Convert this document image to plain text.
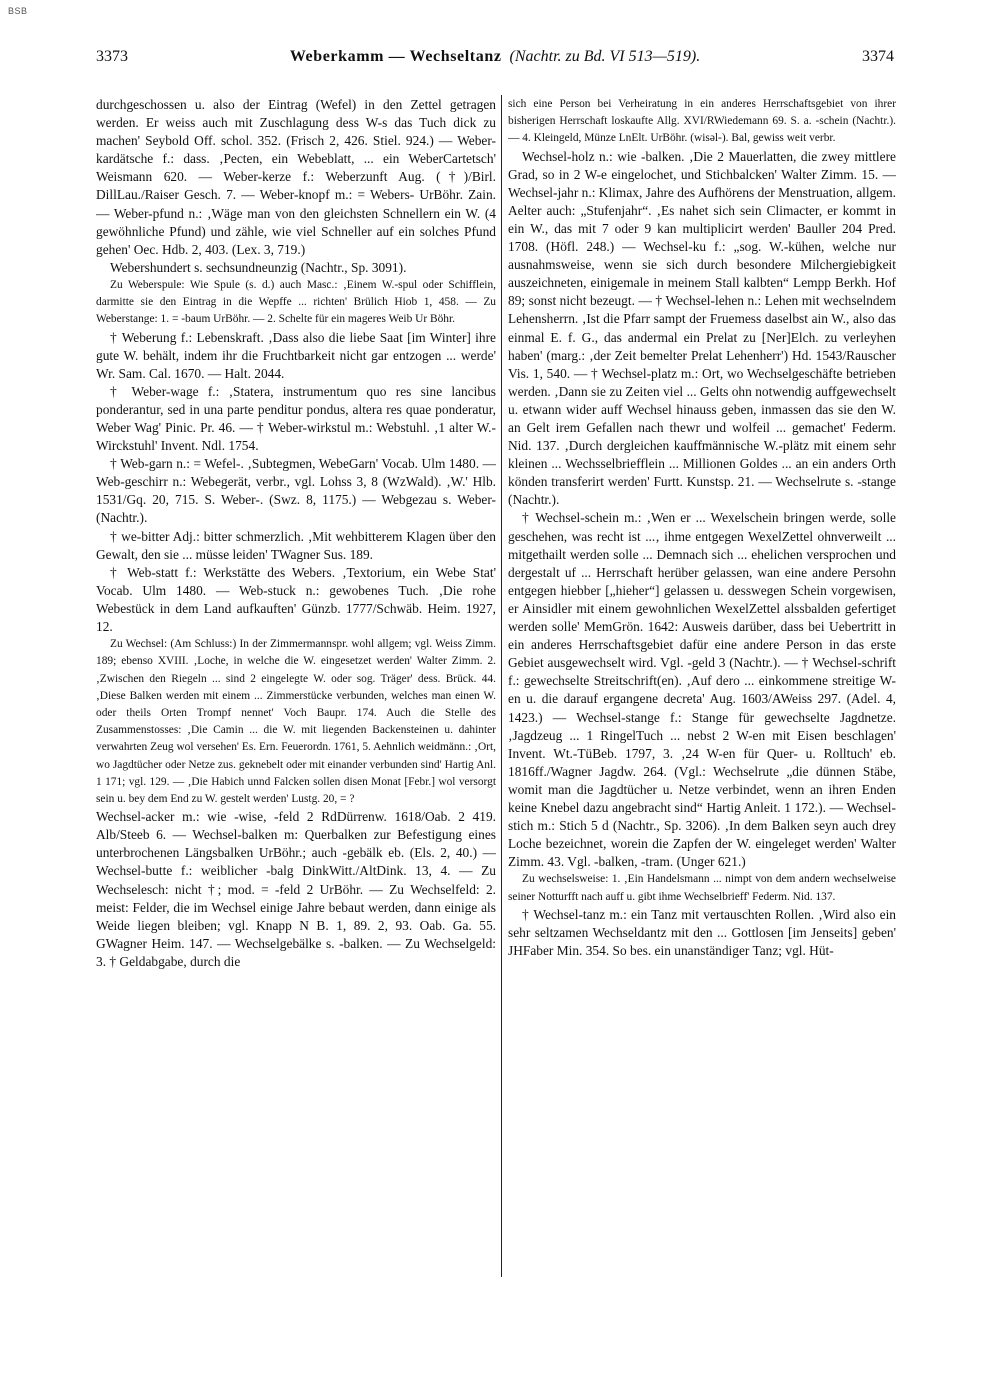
BSB
3373	Weberkamm — Wechseltanz (Nachtr. zu Bd. VI 513—519).	3374

durchgeschossen u. also der Eintrag (Wefel) in den Zettel getragen werden. Er weiss auch mit Zuschlagung dess W-s das Tuch dick zu machen' Seybold Off. schol. 352. (Frisch 2, 426. Stiel. 924.) — Weber-kardätsche f.: dass. ‚Pecten, ein Webeblatt, ... ein WeberCartetsch' Weismann 620. — Weber-kerze f.: Weberzunft Aug. (†)/Birl. DillLau./Raiser Gesch. 7. — Weber-knopf m.: = Webers- UrBöhr. Zain. — Weber-pfund n.: ‚Wäge man von den gleichsten Schnellern ein W. (4 gewöhnliche Pfund) und zähle, wie viel Schneller auf ein solches Pfund gehen' Oec. Hdb. 2, 403. (Lex. 3, 719.)

Webershundert s. sechsundneunzig (Nachtr., Sp. 3091).

Zu Weberspule: Wie Spule (s. d.) auch Masc.: ‚Einem W.-spul oder Schifflein, darmitte sie den Eintrag in die Wepffe ... richten' Brülich Hiob 1, 458. — Zu Weberstange: 1. = -baum UrBöhr. — 2. Schelte für ein mageres Weib Ur Böhr.

† Weberung f.: Lebenskraft. ‚Dass also die liebe Saat [im Winter] ihre gute W. behält, indem ihr die Fruchtbarkeit nicht gar entzogen ... werde' Wr. Sam. Cal. 1670. — Halt. 2044.

† Weber-wage f.: ‚Statera, instrumentum quo res sine lancibus ponderantur, sed in una parte penditur pondus, altera res quae ponderatur, Weber Wag' Pinic. Pr. 46. — † Weber-wirkstul m.: Webstuhl. ‚1 alter W.-Wirckstuhl' Invent. Ndl. 1754.

† Web-garn n.: = Wefel-. ‚Subtegmen, WebeGarn' Vocab. Ulm 1480. — Web-geschirr n.: Webegerät, verbr., vgl. Lohss 3, 8 (WzWald). ‚W.' Hlb. 1531/Gq. 20, 715. S. Weber-. (Swz. 8, 1175.) — Webgezau s. Weber- (Nachtr.).

† we-bitter Adj.: bitter schmerzlich. ‚Mit wehbitterem Klagen über den Gewalt, den sie ... müsse leiden' TWagner Sus. 189.

† Web-statt f.: Werkstätte des Webers. ‚Textorium, ein Webe Stat' Vocab. Ulm 1480. — Web-stuck n.: gewobenes Tuch. ‚Die rohe Webestück in dem Land aufkauften' Günzb. 1777/Schwäb. Heim. 1927, 12.

Zu Wechsel: (Am Schluss:) In der Zimmermannspr. wohl allgem; vgl. Weiss Zimm. 189; ebenso XVIII. ‚Loche, in welche die W. eingesetzet werden' Walter Zimm. 2. ‚Zwischen den Riegeln ... sind 2 eingelegte W. oder sog. Träger' dess. Brück. 44. ‚Diese Balken werden mit einem ... Zimmerstücke verbunden, welches man einen W. oder theils Orten Trompf nennet' Voch Baupr. 174. Auch die Stelle des Zusammenstosses: ‚Die Camin ... die W. mit liegenden Backensteinen u. dahinter verwahrten Zeug wol versehen' Es. Ern. Feuerordn. 1761, 5. Aehnlich weidmänn.: ‚Ort, wo Jagdtücher oder Netze zus. geknebelt oder mit einander verbunden sind' Hartig Anl. 1 171; vgl. 129. — ‚Die Habich unnd Falcken sollen disen Monat [Febr.] wol versorgt sein u. bey dem End zu W. gestelt werden' Lustg. 20, = ?

Wechsel-acker m.: wie -wise, -feld 2 RdDürrenw. 1618/Oab. 2 419. Alb/Steeb 6. — Wechsel-balken m: Querbalken zur Befestigung eines unterbrochenen Längsbalken UrBöhr.; auch -gebälk eb. (Els. 2, 40.) — Wechsel-butte f.: weiblicher -balg DinkWitt./AltDink. 13, 4. — Zu Wechselesch: nicht †; mod. = -feld 2 UrBöhr. — Zu Wechselfeld: 2. meist: Felder, die im Wechsel einige Jahre bebaut werden, dann einige als Weide liegen bleiben; vgl. Knapp N B. 1, 89. 2, 93. Oab. Ga. 55. GWagner Heim. 147. — Wechselgebälke s. -balken. — Zu Wechselgeld: 3. † Geldabgabe, durch die

sich eine Person bei Verheiratung in ein anderes Herrschaftsgebiet von ihrer bisherigen Herrschaft loskaufte Allg. XVI/RWiedemann 69. S. a. -schein (Nachtr.). — 4. Kleingeld, Münze LnElt. UrBöhr. (wisəl-). Bal, gewiss weit verbr.

Wechsel-holz n.: wie -balken. ‚Die 2 Mauerlatten, die zwey mittlere Grad, so in 2 W-e eingelochet, und Stichbalcken' Walter Zimm. 15. — Wechsel-jahr n.: Klimax, Jahre des Aufhörens der Menstruation, allgem. Aelter auch: „Stufenjahr“. ‚Es nahet sich sein Climacter, er kommt in ein W., das mit 7 oder 9 kan multiplicirt werden' Bauller 204 Pred. 1708. (Höfl. 248.) — Wechsel-ku f.: „sog. W.-kühen, welche nur ausnahmsweise, wenn sie sich durch besondere Milchergiebigkeit auszeichneten, einigemale in meinem Stall kalbten“ Lempp Berkh. Hof 89; sonst nicht bezeugt. — † Wechsel-lehen n.: Lehen mit wechselndem Lehensherrn. ‚Ist die Pfarr sampt der Fruemess daselbst ain W., also das einmal E. f. G., das andermal ein Prelat zu [Ner]Elch. zu verleyhen haben' (marg.: ‚der Zeit bemelter Prelat Lehenherr') Hd. 1543/Rauscher Vis. 1, 540. — † Wechsel-platz m.: Ort, wo Wechselgeschäfte betrieben werden. ‚Dann sie zu Zeiten viel ... Gelts ohn notwendig auffgewechselt u. etwann wider auff Wechsel hinauss geben, inmassen das sie den W. an Gelt irem Gefallen nach thewr und wolfeil ... gemachet' Federm. Nid. 137. ‚Durch dergleichen kauffmännische W.-plätz mit einem sehr kleinen ... Wechsselbriefflein ... Millionen Goldes ... an ein anders Orth könden transferirt werden' Furtt. Kunstsp. 21. — Wechselrute s. -stange (Nachtr.).

† Wechsel-schein m.: ‚Wen er ... Wexelschein bringen werde, solle geschehen, was recht ist ...‚ ihme entgegen WexelZettel ohnverweilt ... mitgethailt werden solle ... Demnach sich ... ehelichen versprochen und dergestalt uf ... Herrschaft herüber gelassen, wan eine andere Persohn entgegen hiebber [„hieher“] gelassen u. desswegen Schein vorgewisen, er Ainsidler mit einem gewohnlichen WexelZettel alssbalden gefertiget werden solle' MemGrön. 1642: Ausweis darüber, dass bei Uebertritt in ein anderes Herrschaftsgebiet dafür eine andere Person in das erste Gebiet ausgewechselt wird. Vgl. -geld 3 (Nachtr.). — † Wechsel-schrift f.: gewechselte Streitschrift(en). ‚Auf dero ... einkommene streitige W-en u. die darauf ergangene decreta' Aug. 1603/AWeiss 297. (Adel. 4, 1423.) — Wechsel-stange f.: Stange für gewechselte Jagdnetze. ‚Jagdzeug ... 1 RingelTuch ... nebst 2 W-en mit Eisen beschlagen' Invent. Wt.-TüBeb. 1797, 3. ‚24 W-en für Quer- u. Rolltuch' eb. 1816ff./Wagner Jagdw. 264. (Vgl.: Wechselrute „die dünnen Stäbe, womit man die Jagdtücher u. Netze verbindet, wenn an ihren Enden keine Knebel dazu angebracht sind“ Hartig Anleit. 1 172.). — Wechsel-stich m.: Stich 5 d (Nachtr., Sp. 3206). ‚In dem Balken seyn auch drey Loche bezeichnet, worein die Zapfen der W. eingeleget werden' Walter Zimm. 43. Vgl. -balken, -tram. (Unger 621.)

Zu wechselsweise: 1. ‚Ein Handelsmann ... nimpt von dem andern wechselweise seiner Notturfft nach auff u. gibt ihme Wechselbrieff' Federm. Nid. 137.

† Wechsel-tanz m.: ein Tanz mit vertauschten Rollen. ‚Wird also ein sehr seltzamen Wechseldantz mit den ... Gottlosen [im Jenseits] geben' JHFaber Min. 354. So bes. ein unanständiger Tanz; vgl. Hüt-
